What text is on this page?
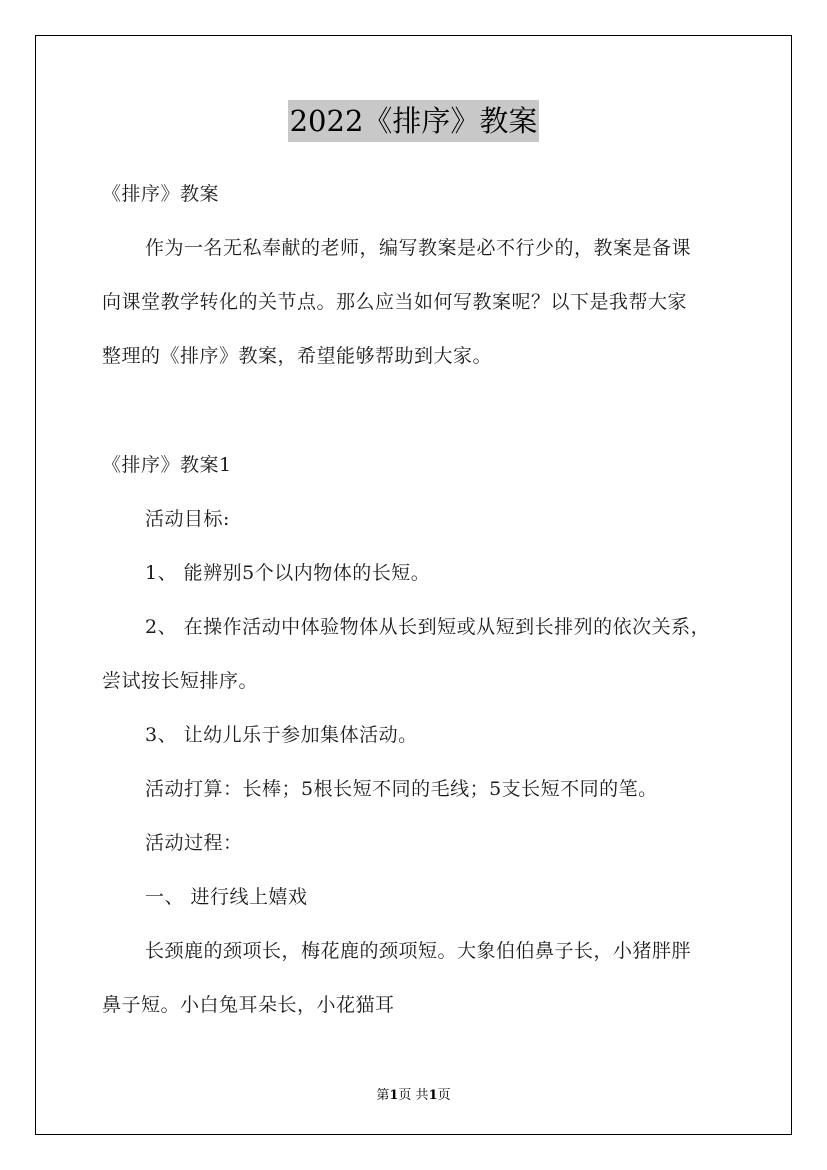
2022《排序》教案
《排序》教案
作为一名无私奉献的老师，编写教案是必不行少的，教案是备课
向课堂教学转化的关节点。那么应当如何写教案呢？以下是我帮大家
整理的《排序》教案，希望能够帮助到大家。
《排序》教案1
活动目标:
1、 能辨别5个以内物体的长短。
2、 在操作活动中体验物体从长到短或从短到长排列的依次关系，
尝试按长短排序。
3、 让幼儿乐于参加集体活动。
活动打算：长棒；5根长短不同的毛线；5支长短不同的笔。
活动过程：
一、 进行线上嬉戏
长颈鹿的颈项长，梅花鹿的颈项短。大象伯伯鼻子长，小猪胖胖
鼻子短。小白兔耳朵长，小花猫耳
第1页 共1页
